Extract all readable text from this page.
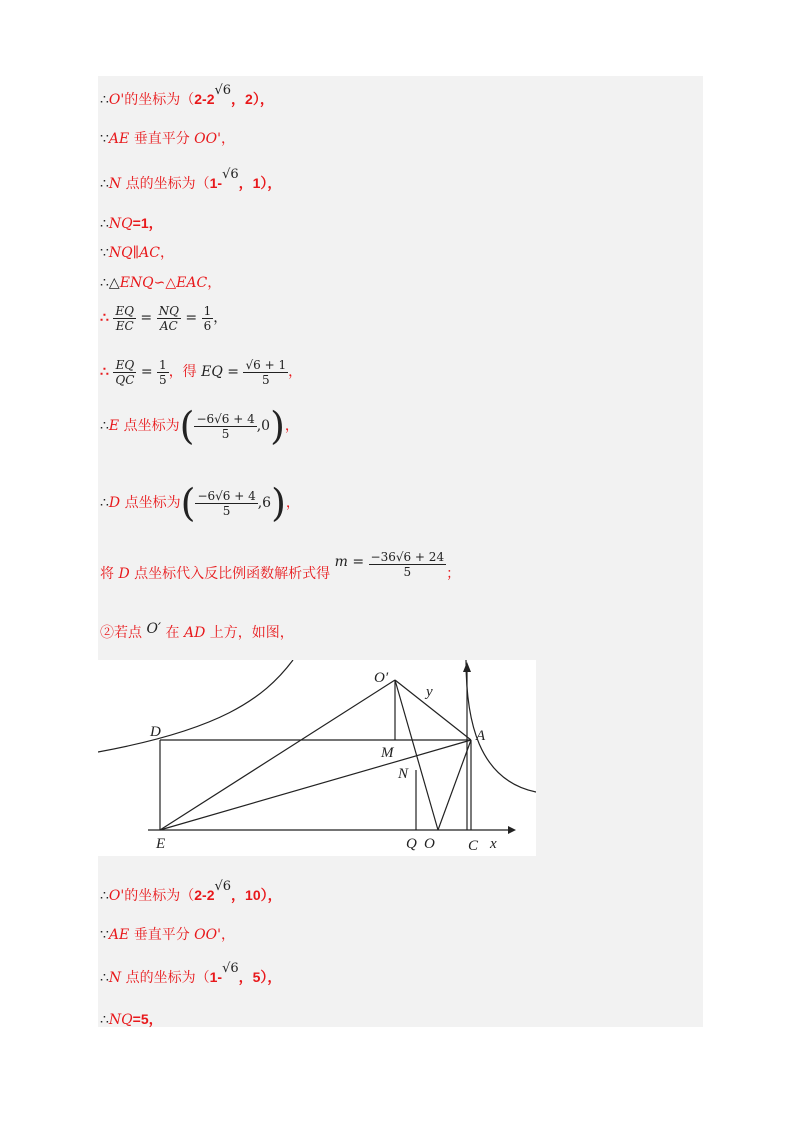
∴O'的坐标为（2-2√6，2），
∵AE 垂直平分 OO'，
∴N 点的坐标为（1-√6，1），
∴NQ=1，
∵NQ∥AC，
∴△ENQ∽△EAC，
∴ $\frac{EQ}{EC} = \frac{NQ}{AC} = \frac{1}{6}$ ，
∴ $\frac{EQ}{QC} = \frac{1}{5}$ ，得 EQ = $\frac{√6 + 1}{5}$ ，
∴E 点坐标为( $\frac{-6√6 + 4}{5} ,0$)，
∴D 点坐标为( $\frac{-6√6 + 4}{5} ,6$)，
将 D 点坐标代入反比例函数解析式得 $m = \frac{-36√6 + 24}{5}$ ；
②若点 O′ 在 AD 上方，如图，
O′
y
D	A
M
N
E	Q O C x
∴O'的坐标为（2-2√6，10），
∵AE 垂直平分 OO'，
∴N 点的坐标为（1-√6，5），
∴NQ=5，
